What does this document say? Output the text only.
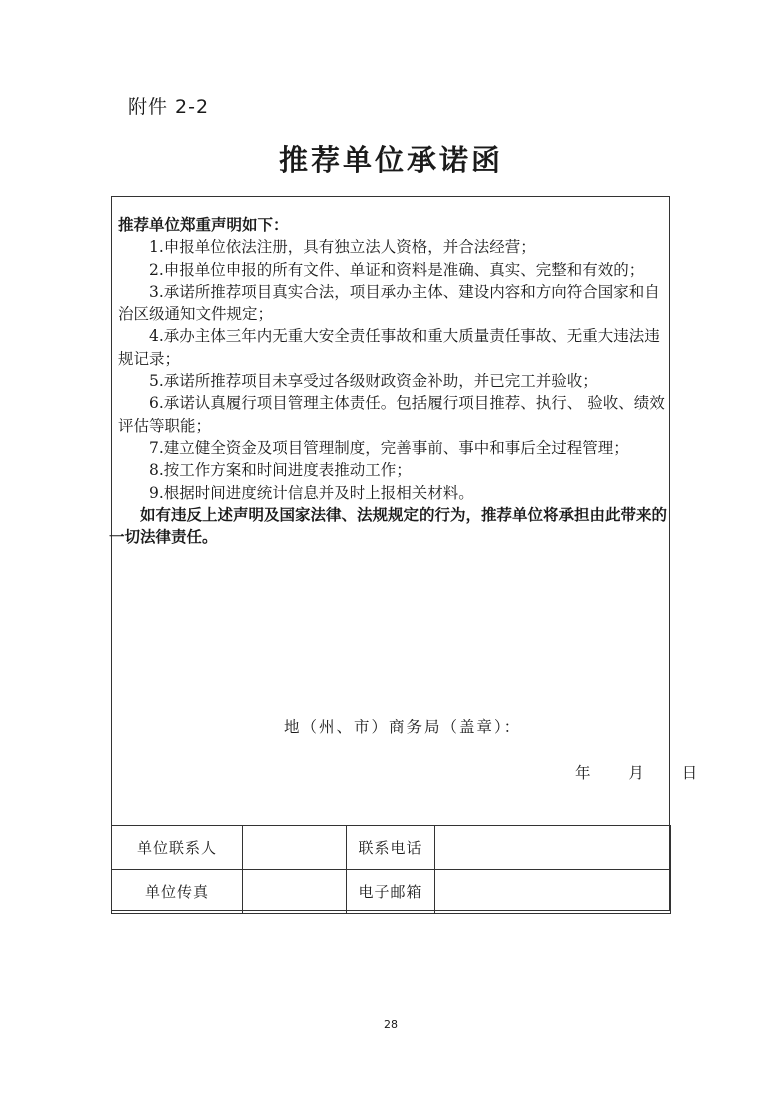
附件 2-2
推荐单位承诺函

推荐单位郑重声明如下：

1.申报单位依法注册，具有独立法人资格，并合法经营；

2.申报单位申报的所有文件、单证和资料是准确、真实、完整和有效的；

3.承诺所推荐项目真实合法，项目承办主体、建设内容和方向符合国家和自治区级通知文件规定；

4.承办主体三年内无重大安全责任事故和重大质量责任事故、无重大违法违规记录；

5.承诺所推荐项目未享受过各级财政资金补助，并已完工并验收；

6.承诺认真履行项目管理主体责任。包括履行项目推荐、执行、 验收、绩效评估等职能；

7.建立健全资金及项目管理制度，完善事前、事中和事后全过程管理；

8.按工作方案和时间进度表推动工作；

9.根据时间进度统计信息并及时上报相关材料。

如有违反上述声明及国家法律、法规规定的行为，推荐单位将承担由此带来的一切法律责任。

地（州、市）商务局（盖章）：
年 月 日
单位联系人		联系电话	
单位传真		电子邮箱	
28
